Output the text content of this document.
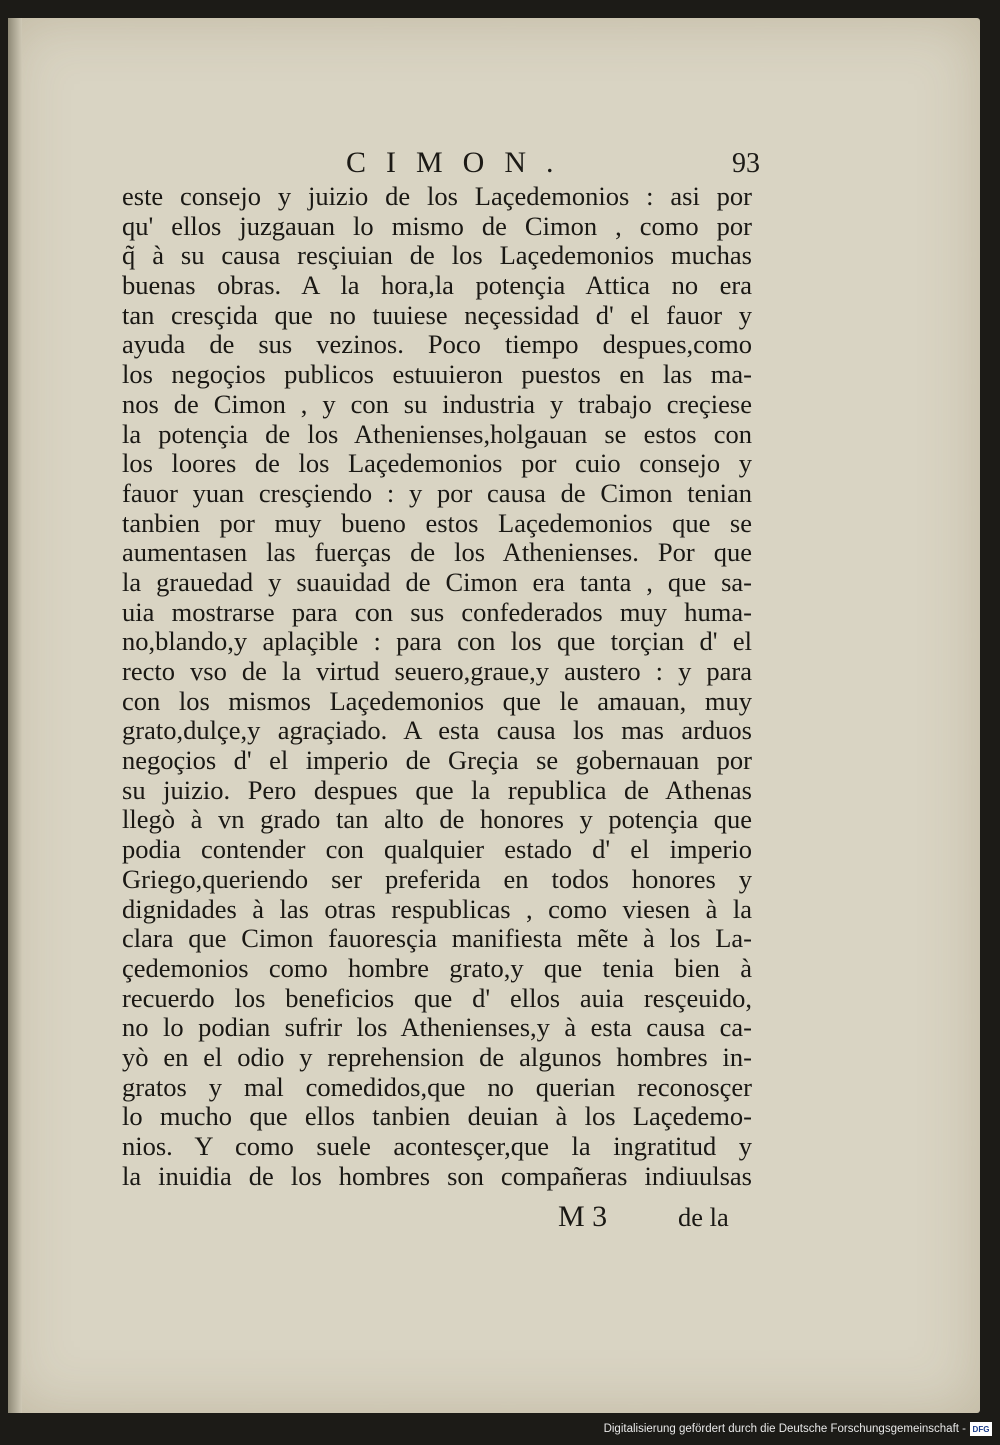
CIMON.	93
este consejo y juizio de los Laçedemonios : asi por
qu' ellos juzgauan lo mismo de Cimon , como por
q̃ à su causa resçiuian de los Laçedemonios muchas
buenas obras. A la hora,la potençia Attica no era
tan cresçida que no tuuiese neçessidad d' el fauor y
ayuda de sus vezinos. Poco tiempo despues,como
los negoçios publicos estuuieron puestos en las ma-
nos de Cimon , y con su industria y trabajo creçiese
la potençia de los Athenienses,holgauan se estos con
los loores de los Laçedemonios por cuio consejo y
fauor yuan cresçiendo : y por causa de Cimon tenian
tanbien por muy bueno estos Laçedemonios que se
aumentasen las fuerças de los Athenienses. Por que
la grauedad y suauidad de Cimon era tanta , que sa-
uia mostrarse para con sus confederados muy huma-
no,blando,y aplaçible : para con los que torçian d' el
recto vso de la virtud seuero,graue,y austero : y para
con los mismos Laçedemonios que le amauan, muy
grato,dulçe,y agraçiado. A esta causa los mas arduos
negoçios d' el imperio de Greçia se gobernauan por
su juizio. Pero despues que la republica de Athenas
llegò à vn grado tan alto de honores y potençia que
podia contender con qualquier estado d' el imperio
Griego,queriendo ser preferida en todos honores y
dignidades à las otras respublicas , como viesen à la
clara que Cimon fauoresçia manifiesta mẽte à los La-
çedemonios como hombre grato,y que tenia bien à
recuerdo los beneficios que d' ellos auia resçeuido,
no lo podian sufrir los Athenienses,y à esta causa ca-
yò en el odio y reprehension de algunos hombres in-
gratos y mal comedidos,que no querian reconosçer
lo mucho que ellos tanbien deuian à los Laçedemo-
nios. Y como suele acontesçer,que la ingratitud y
la inuidia de los hombres son compañeras indiuulsas
M 3	de la
Digitalisierung gefördert durch die Deutsche Forschungsgemeinschaft - DFG
